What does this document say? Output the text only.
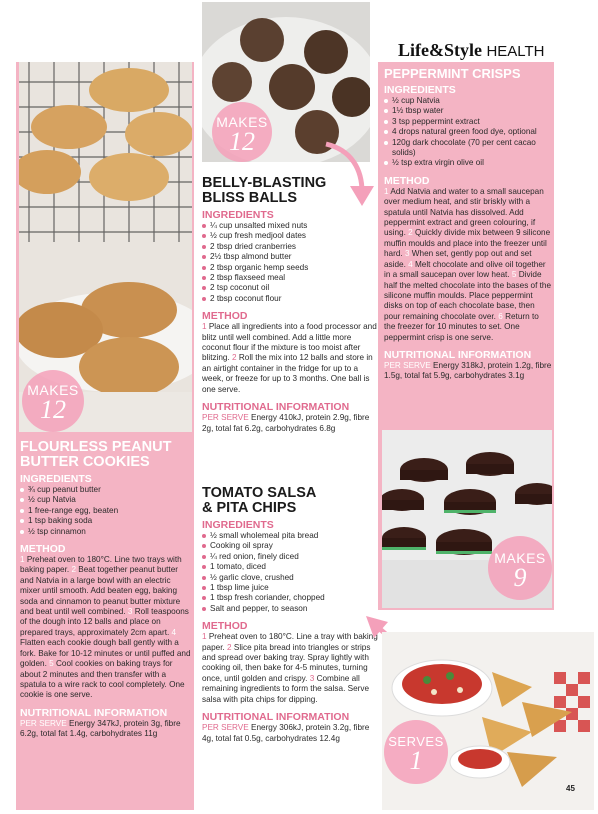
MAKES
12

FLOURLESS PEANUT

BUTTER COOKIES

INGREDIENTS

¾ cup peanut butter
½ cup Natvia
1 free-range egg, beaten
1 tsp baking soda
½ tsp cinnamon

METHOD

1 Preheat oven to 180°C. Line two trays with baking paper. 2 Beat together peanut butter and Natvia in a large bowl with an electric mixer until smooth. Add beaten egg, baking soda and cinnamon to peanut butter mixture and beat until well combined. 3 Roll teaspoons of the dough into 12 balls and place on prepared trays, approximately 2cm apart. 4 Flatten each cookie dough ball gently with a fork. Bake for 10-12 minutes or until puffed and golden. 5 Cool cookies on baking trays for about 2 minutes and then transfer with a spatula to a wire rack to cool completely. One cookie is one serve.

NUTRITIONAL INFORMATION

PER SERVE Energy 347kJ, protein 3g, fibre 6.2g, total fat 1.4g, carbohydrates 11g

MAKES
12

BELLY-BLASTING

BLISS BALLS

INGREDIENTS

¼ cup unsalted mixed nuts
½ cup fresh medjool dates
2 tbsp dried cranberries
2½ tbsp almond butter
2 tbsp organic hemp seeds
2 tbsp flaxseed meal
2 tsp coconut oil
2 tbsp coconut flour

METHOD

1 Place all ingredients into a food processor and blitz until well combined. Add a little more coconut flour if the mixture is too moist after blitzing. 2 Roll the mix into 12 balls and store in an airtight container in the fridge for up to a week, or freeze for up to 3 months. One ball is one serve.

NUTRITIONAL INFORMATION

PER SERVE Energy 410kJ, protein 2.9g, fibre 2g, total fat 6.2g, carbohydrates 6.8g

TOMATO SALSA

& PITA CHIPS

INGREDIENTS

½ small wholemeal pita bread
Cooking oil spray
¼ red onion, finely diced
1 tomato, diced
½ garlic clove, crushed
1 tbsp lime juice
1 tbsp fresh coriander, chopped
Salt and pepper, to season

METHOD

1 Preheat oven to 180°C. Line a tray with baking paper. 2 Slice pita bread into triangles or strips and spread over baking tray. Spray lightly with cooking oil, then bake for 4-5 minutes, turning once, until golden and crispy. 3 Combine all remaining ingredients to form the salsa. Serve salsa with pita chips for dipping.

NUTRITIONAL INFORMATION

PER SERVE Energy 306kJ, protein 3.2g, fibre 4g, total fat 0.5g, carbohydrates 12.4g

Life&Style HEALTH

PEPPERMINT CRISPS

INGREDIENTS

½ cup Natvia
1½ tbsp water
3 tsp peppermint extract
4 drops natural green food dye, optional
120g dark chocolate (70 per cent cacao solids)
½ tsp extra virgin olive oil

METHOD

1 Add Natvia and water to a small saucepan over medium heat, and stir briskly with a spatula until Natvia has dissolved. Add peppermint extract and green colouring, if using. 2 Quickly divide mix between 9 silicone muffin moulds and place into the freezer until hard. 3 When set, gently pop out and set aside. 4 Melt chocolate and olive oil together in a small saucepan over low heat. 5 Divide half the melted chocolate into the bases of the silicone muffin moulds. Place peppermint disks on top of each chocolate base, then pour remaining chocolate over. 6 Return to the freezer for 10 minutes to set. One peppermint crisp is one serve.

NUTRITIONAL INFORMATION

PER SERVE Energy 318kJ, protein 1.2g, fibre 1.5g, total fat 5.9g, carbohydrates 3.1g

MAKES
9
SERVES
1
45
